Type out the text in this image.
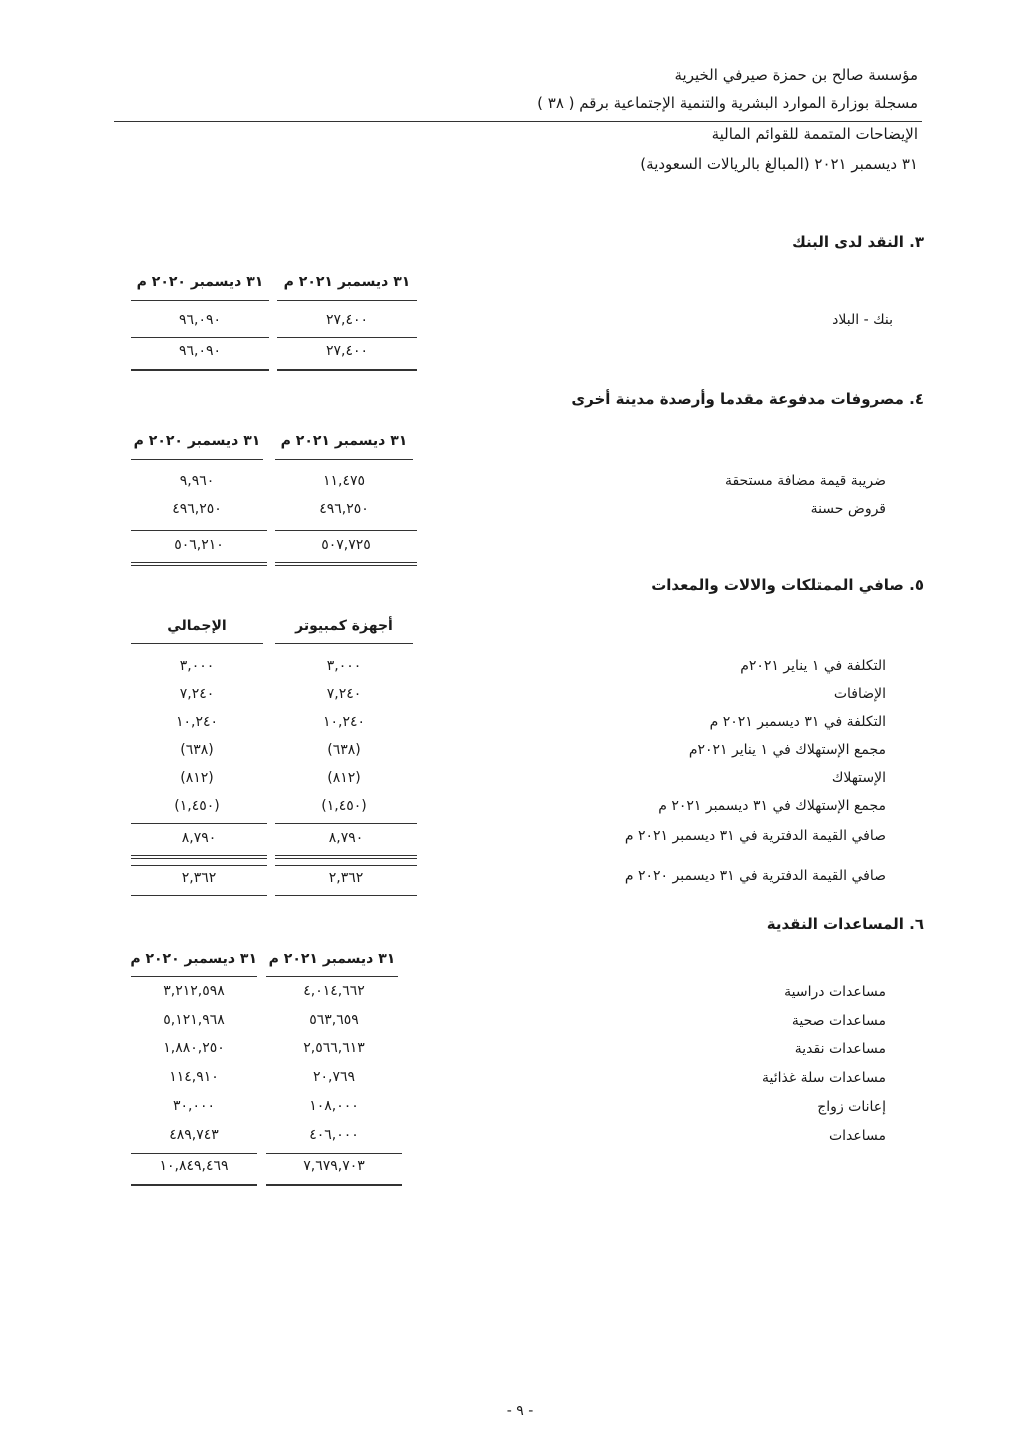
مؤسسة صالح بن حمزة صيرفي الخيرية
مسجلة بوزارة الموارد البشرية والتنمية الإجتماعية برقم ( ٣٨ )
الإيضاحات المتممة للقوائم المالية
٣١ ديسمبر ٢٠٢١ (المبالغ بالريالات السعودية)
٣. النقد لدى البنك
٣١ ديسمبر ٢٠٢١ م
٣١ ديسمبر ٢٠٢٠ م
بنك - البلاد
٢٧,٤٠٠
٩٦,٠٩٠
٢٧,٤٠٠
٩٦,٠٩٠
٤. مصروفات مدفوعة مقدما وأرصدة مدينة أخرى
٣١ ديسمبر ٢٠٢١ م
٣١ ديسمبر ٢٠٢٠ م
ضريبة قيمة مضافة مستحقة
١١,٤٧٥
٩,٩٦٠
قروض حسنة
٤٩٦,٢٥٠
٤٩٦,٢٥٠
٥٠٧,٧٢٥
٥٠٦,٢١٠
٥. صافي الممتلكات والالات والمعدات
أجهزة كمبيوتر
الإجمالي
التكلفة في ١ يناير ٢٠٢١م
٣,٠٠٠
٣,٠٠٠
الإضافات
٧,٢٤٠
٧,٢٤٠
التكلفة في ٣١ ديسمبر ٢٠٢١ م
١٠,٢٤٠
١٠,٢٤٠
مجمع الإستهلاك في ١ يناير ٢٠٢١م
(٦٣٨)
(٦٣٨)
الإستهلاك
(٨١٢)
(٨١٢)
مجمع الإستهلاك في ٣١ ديسمبر ٢٠٢١ م
(١,٤٥٠)
(١,٤٥٠)
صافي القيمة الدفترية في ٣١ ديسمبر ٢٠٢١ م
٨,٧٩٠
٨,٧٩٠
صافي القيمة الدفترية في ٣١ ديسمبر ٢٠٢٠ م
٢,٣٦٢
٢,٣٦٢
٦. المساعدات النقدية
٣١ ديسمبر ٢٠٢١ م
٣١ ديسمبر ٢٠٢٠ م
مساعدات دراسية
٤,٠١٤,٦٦٢
٣,٢١٢,٥٩٨
مساعدات صحية
٥٦٣,٦٥٩
٥,١٢١,٩٦٨
مساعدات نقدية
٢,٥٦٦,٦١٣
١,٨٨٠,٢٥٠
مساعدات سلة غذائية
٢٠,٧٦٩
١١٤,٩١٠
إعانات زواج
١٠٨,٠٠٠
٣٠,٠٠٠
مساعدات
٤٠٦,٠٠٠
٤٨٩,٧٤٣
٧,٦٧٩,٧٠٣
١٠,٨٤٩,٤٦٩
- ٩ -
